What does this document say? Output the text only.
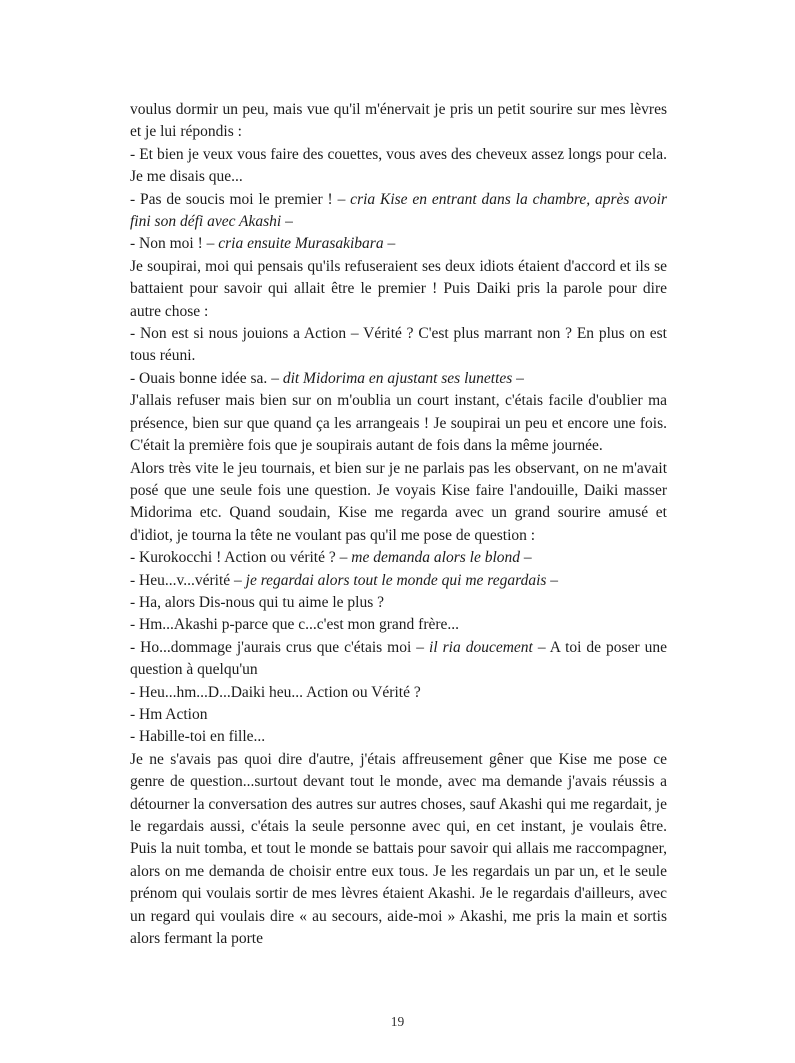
voulus dormir un peu, mais vue qu'il m'énervait je pris un petit sourire sur mes lèvres et je lui répondis :

- Et bien je veux vous faire des couettes, vous aves des cheveux assez longs pour cela. Je me disais que...

- Pas de soucis moi le premier ! – cria Kise en entrant dans la chambre, après avoir fini son défi avec Akashi –

- Non moi ! – cria ensuite Murasakibara –

Je soupirai, moi qui pensais qu'ils refuseraient ses deux idiots étaient d'accord et ils se battaient pour savoir qui allait être le premier ! Puis Daiki pris la parole pour dire autre chose :

- Non est si nous jouions a Action – Vérité ? C'est plus marrant non ? En plus on est tous réuni.

- Ouais bonne idée sa. – dit Midorima en ajustant ses lunettes –

J'allais refuser mais bien sur on m'oublia un court instant, c'étais facile d'oublier ma présence, bien sur que quand ça les arrangeais ! Je soupirai un peu et encore une fois. C'était la première fois que je soupirais autant de fois dans la même journée.

Alors très vite le jeu tournais, et bien sur je ne parlais pas les observant, on ne m'avait posé que une seule fois une question. Je voyais Kise faire l'andouille, Daiki masser Midorima etc. Quand soudain, Kise me regarda avec un grand sourire amusé et d'idiot, je tourna la tête ne voulant pas qu'il me pose de question :

- Kurokocchi ! Action ou vérité ? – me demanda alors le blond –

- Heu...v...vérité – je regardai alors tout le monde qui me regardais –

- Ha, alors Dis-nous qui tu aime le plus ?

- Hm...Akashi p-parce que c...c'est mon grand frère...

- Ho...dommage j'aurais crus que c'étais moi – il ria doucement – A toi de poser une question à quelqu'un

- Heu...hm...D...Daiki heu... Action ou Vérité ?

- Hm Action

- Habille-toi en fille...

Je ne s'avais pas quoi dire d'autre, j'étais affreusement gêner que Kise me pose ce genre de question...surtout devant tout le monde, avec ma demande j'avais réussis a détourner la conversation des autres sur autres choses, sauf Akashi qui me regardait, je le regardais aussi, c'étais la seule personne avec qui, en cet instant, je voulais être. Puis la nuit tomba, et tout le monde se battais pour savoir qui allais me raccompagner, alors on me demanda de choisir entre eux tous. Je les regardais un par un, et le seule prénom qui voulais sortir de mes lèvres étaient Akashi. Je le regardais d'ailleurs, avec un regard qui voulais dire « au secours, aide-moi » Akashi, me pris la main et sortis alors fermant la porte

19
